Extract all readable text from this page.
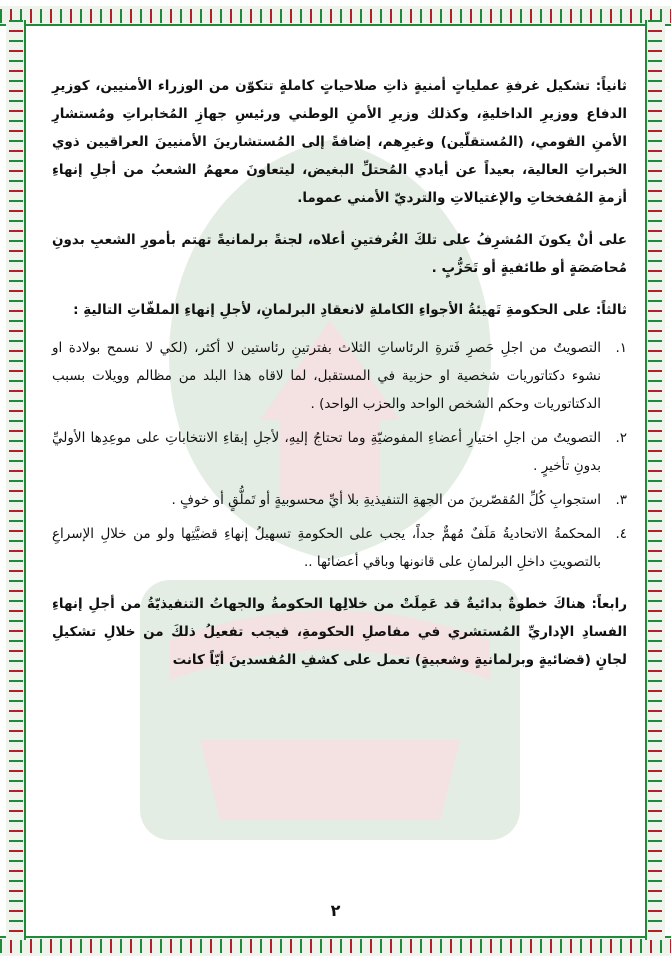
ثانياً: تشكيل غرفةِ عملياتٍ أمنيةٍ ذاتِ صلاحياتٍ كاملةٍ تتكوّن من الوزراء الأمنيين، كوزيرِ الدفاع ووزيرِ الداخليةِ، وكذلك وزيرِ الأمنِ الوطني ورئيسِ جهازِ المُخابراتِ ومُستشارِ الأمنِ القومي، (المُستقلّين) وغيرِهم، إضافةً إلى المُستشارينَ الأمنيينَ العراقيين ذوي الخبراتِ العالية، بعيداً عن أيادي المُحتلِّ البغيض، ليتعاونَ معهمُ الشعبُ من أجلِ إنهاءِ أزمةِ المُفخخاتِ والإغتيالاتِ والترديّ الأمني عموما.

على أنْ يكونَ المُشرِفُ على تلكَ الغُرفتينِ أعلاه، لجنةً برلمانيةً تهتم بأمورِ الشعبِ بدونِ مُحاصَصَةٍ أو طائفيةٍ أو تَحَزُّبٍ .

ثالثاً: على الحكومةِ تَهيئةُ الأجواءِ الكاملةِ لانعقادِ البرلمانِ، لأجلِ إنهاءِ الملفّاتِ التاليةِ :

١.
التصويتُ من اجلِ حَصرِ فَترةِ الرئاساتِ الثلاث بفترتينِ رئاستين لا أكثر، (لكي لا نسمح بولادة او نشوء دكتاتوريات شخصية او حزبية في المستقبل، لما لاقاه هذا البلد من مظالم وويلات بسبب الدكتاتوريات وحكم الشخص الواحد والحزب الواحد) .
٢.
التصويتُ من اجلِ اختيارِ أعضاءِ المفوضيّةِ وما تحتاجُ إليهِ، لأجلِ إبقاءِ الانتخاباتِ على موعِدِها الأوليِّ بدونِ تأخيرٍ .
٣.
استجوابِ كُلِّ المُقصّرينَ من الجهةِ التنفيذيةِ بلا أيِّ محسوبيةٍ أو تَملُّقٍ أو خوفٍ .
٤.
المحكمةُ الاتحاديةُ مَلَفٌ مُهمٌّ جداً، يجب على الحكومةِ تسهيلُ إنهاءِ قضيَّتِها ولو من خلالِ الإسراعِ بالتصويتِ داخلِ البرلمانِ على قانونها وباقي أعضائها ..

رابعاً: هناكَ خطوةٌ بدائيةٌ قد عَمِلَتْ من خلالِها الحكومةُ والجهاتُ التنفيذيّةُ من أجلِ إنهاءِ الفسادِ الإداريِّ المُستشري في مفاصلِ الحكومةِ، فيجب تفعيلُ ذلكَ من خلالِ تشكيلِ لجانٍ (قضائيةٍ وبرلمانيةٍ وشعبيةٍ) تعمل على كشفِ المُفسدينَ أيّاً كانت

٢
